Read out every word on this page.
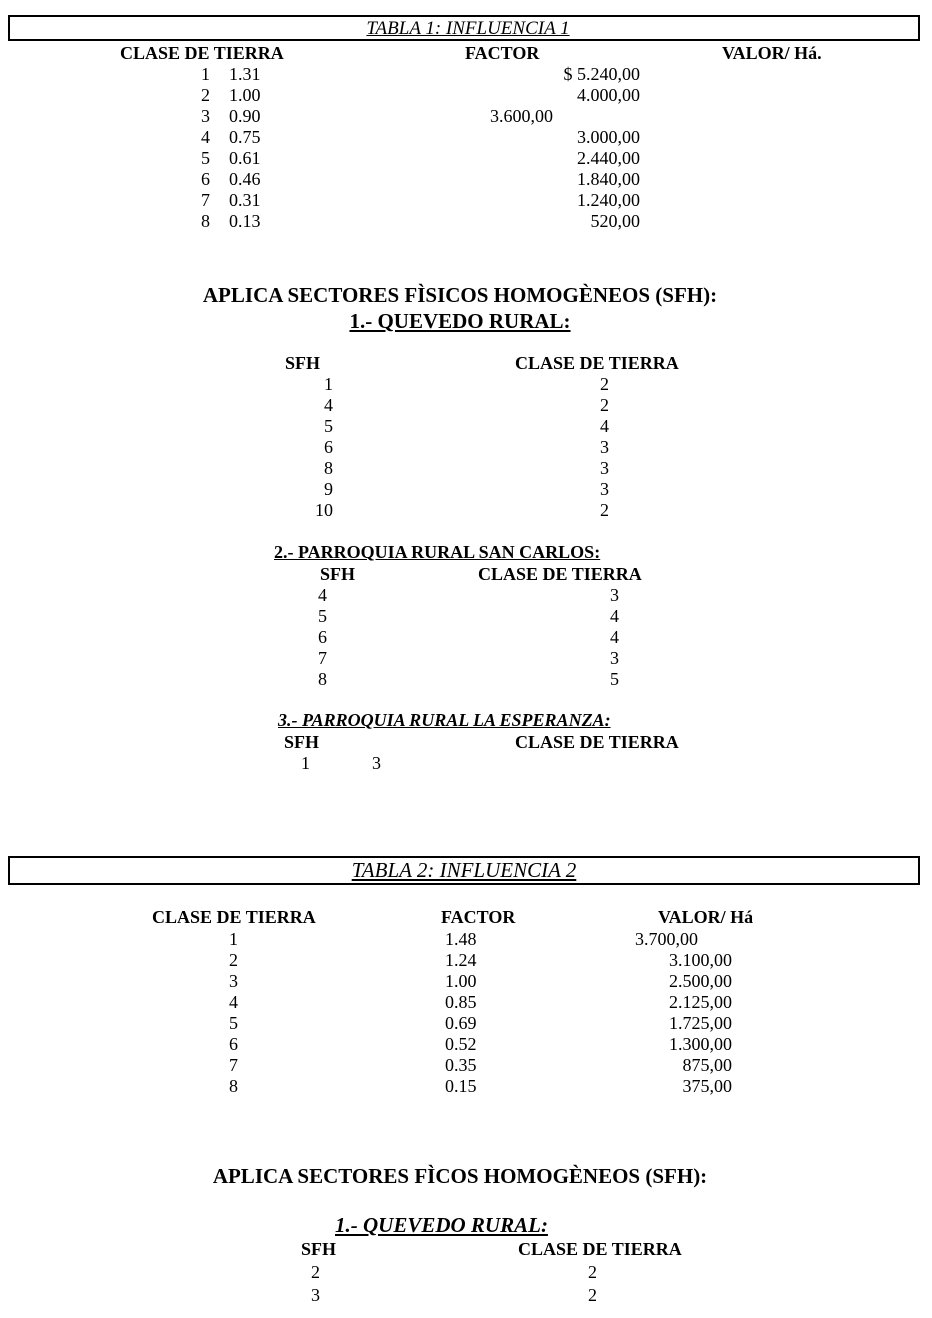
TABLA 1: INFLUENCIA 1
CLASE DE TIERRA	FACTOR	VALOR/ Há.
1 1.31	$ 5.240,00
2 1.00	4.000,00
3 0.90	3.600,00
4 0.75	3.000,00
5 0.61	2.440,00
6 0.46	1.840,00
7 0.31	1.240,00
8 0.13	520,00
APLICA SECTORES FÌSICOS HOMOGÈNEOS (SFH):
1.- QUEVEDO RURAL:
SFH	CLASE DE TIERRA
1	2
4	2
5	4
6	3
8	3
9	3
10	2
2.- PARROQUIA RURAL SAN CARLOS:
SFH	CLASE DE TIERRA
4	3
5	4
6	4
7	3
8	5
3.- PARROQUIA RURAL LA ESPERANZA:
SFH	CLASE DE TIERRA
1	3
TABLA 2: INFLUENCIA 2
CLASE DE TIERRA	FACTOR	VALOR/ Há
1	1.48	3.700,00
2	1.24	3.100,00
3	1.00	2.500,00
4	0.85	2.125,00
5	0.69	1.725,00
6	0.52	1.300,00
7	0.35	875,00
8	0.15	375,00
APLICA SECTORES FÌCOS HOMOGÈNEOS (SFH):
1.- QUEVEDO RURAL:
SFH	CLASE DE TIERRA
2	2
3	2
